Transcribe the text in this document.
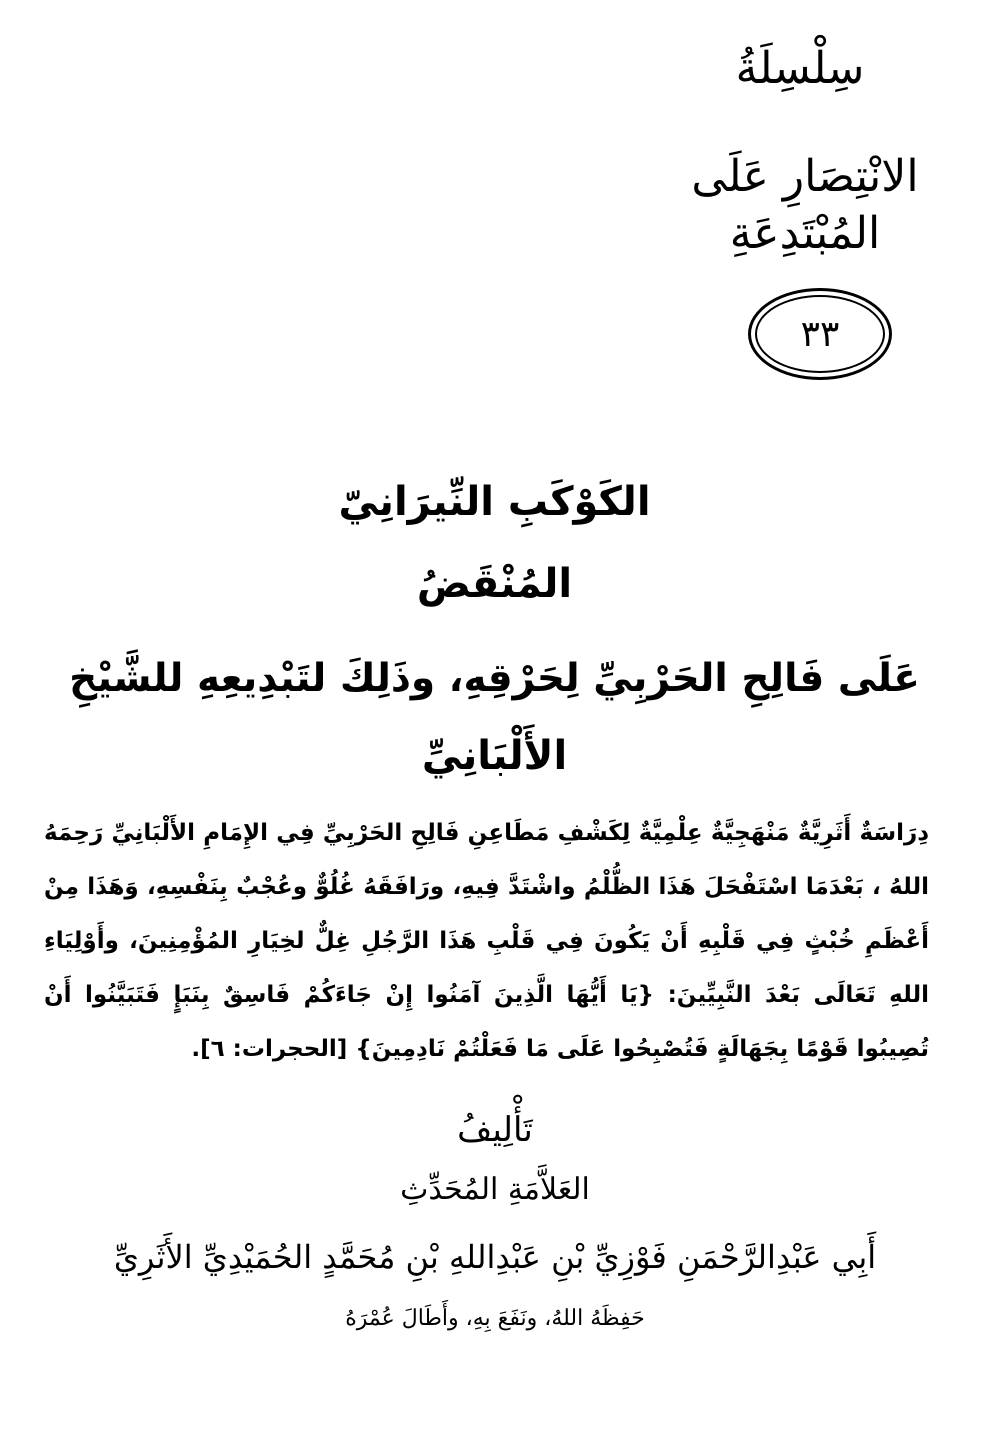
سِلْسِلَةُ
الانْتِصَارِ عَلَى المُبْتَدِعَةِ
٣٣
الكَوْكَبِ النِّيرَانِيّ
المُنْقَضُ
عَلَى فَالِحِ الحَرْبِيِّ لِحَرْقِهِ، وذَلِكَ لتَبْدِيعِهِ للشَّيْخِ
الأَلْبَانِيِّ
دِرَاسَةٌ أَثَرِيَّةٌ مَنْهَجِيَّةٌ عِلْمِيَّةٌ لِكَشْفِ مَطَاعِنِ فَالِحِ الحَرْبِيِّ فِي الإِمَامِ الأَلْبَانِيِّ رَحِمَهُ اللهُ ، بَعْدَمَا اسْتَفْحَلَ هَذَا الظُّلْمُ واشْتَدَّ فِيهِ، ورَافَقَهُ غُلُوٌّ وعُجْبٌ بِنَفْسِهِ، وَهَذَا مِنْ أَعْظَمِ خُبْثٍ فِي قَلْبِهِ أَنْ يَكُونَ فِي قَلْبِ هَذَا الرَّجُلِ غِلٌّ لخِيَارِ المُؤْمِنِينَ، وأَوْلِيَاءِ اللهِ تَعَالَى بَعْدَ النَّبِيِّينَ: {يَا أَيُّهَا الَّذِينَ آمَنُوا إِنْ جَاءَكُمْ فَاسِقٌ بِنَبَإٍ فَتَبَيَّنُوا أَنْ تُصِيبُوا قَوْمًا بِجَهَالَةٍ فَتُصْبِحُوا عَلَى مَا فَعَلْتُمْ نَادِمِينَ} [الحجرات: ٦].
تَأْلِيفُ
العَلاَّمَةِ المُحَدِّثِ
أَبِي عَبْدِالرَّحْمَنِ فَوْزِيِّ بْنِ عَبْدِاللهِ بْنِ مُحَمَّدٍ الحُمَيْدِيِّ الأَثَرِيِّ
حَفِظَهُ اللهُ، ونَفَعَ بِهِ، وأَطَالَ عُمْرَهُ
